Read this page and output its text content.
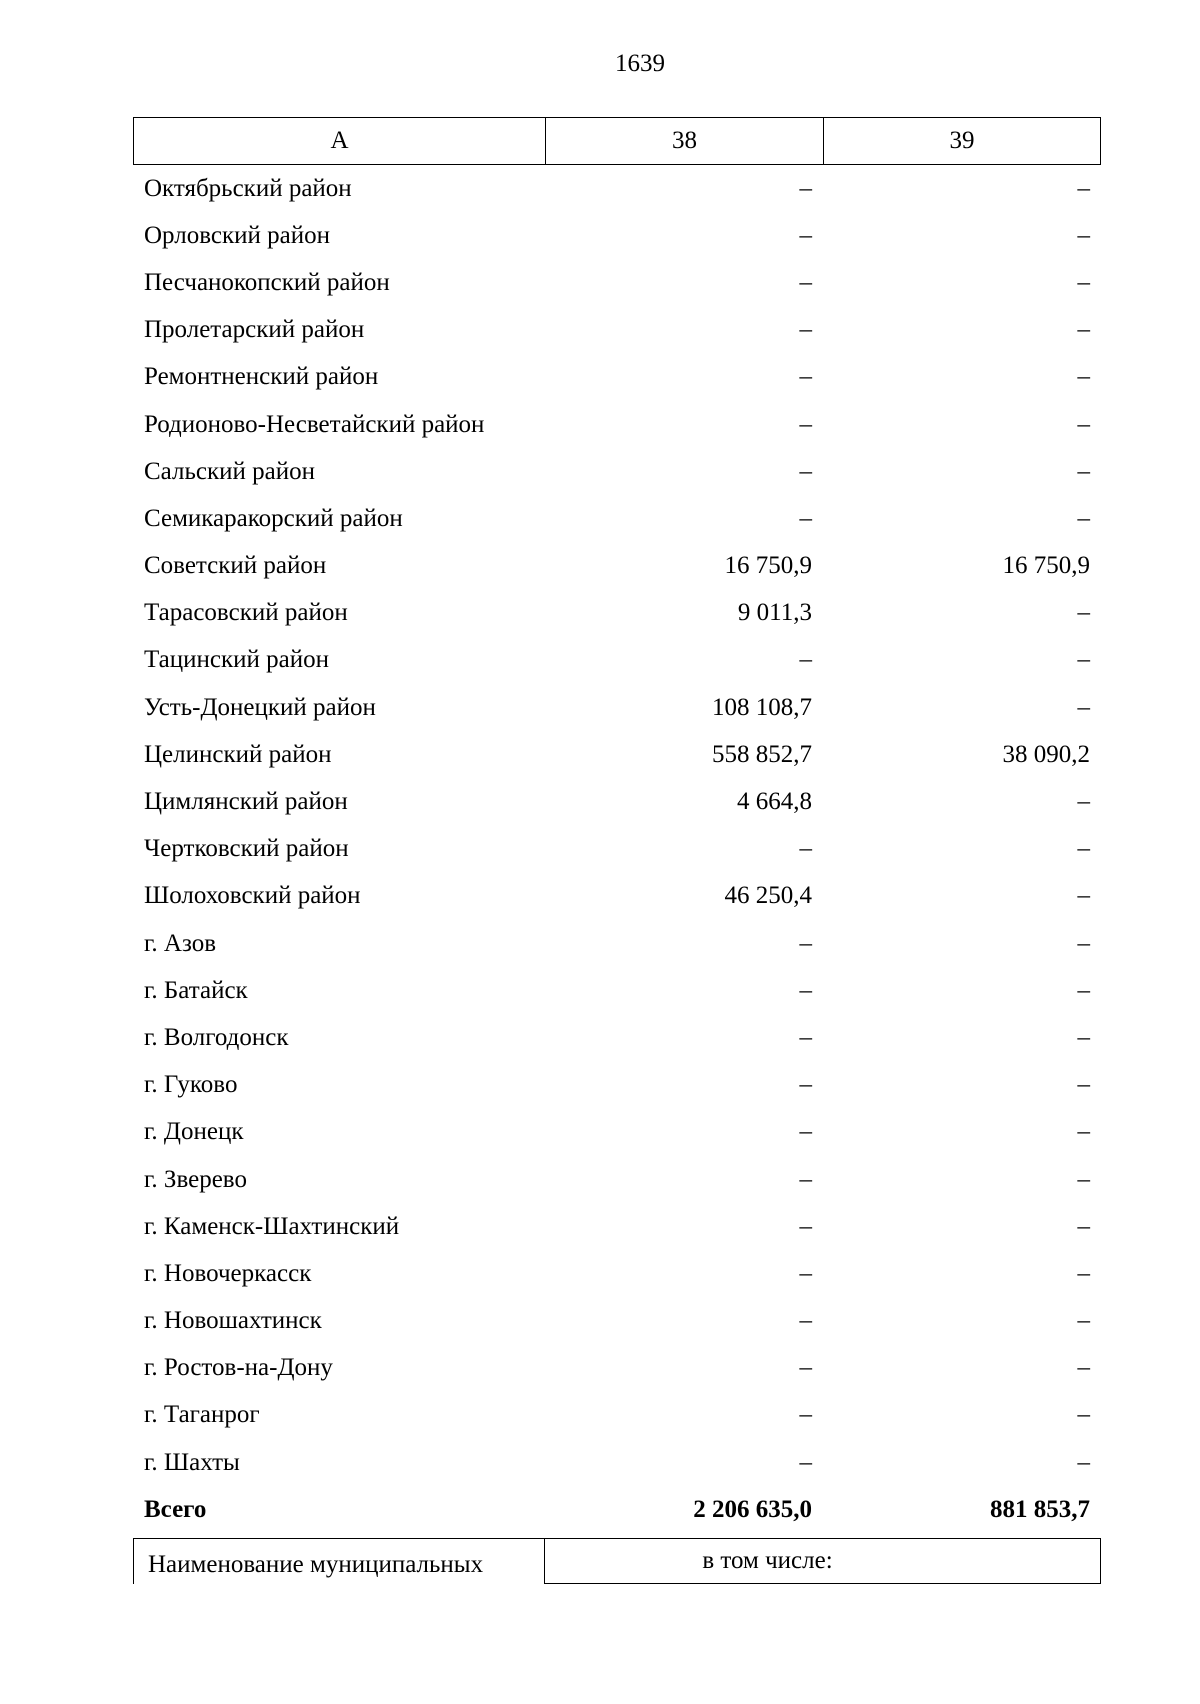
1639
А	38	39
Октябрьский район	–	–
Орловский район	–	–
Песчанокопский район	–	–
Пролетарский район	–	–
Ремонтненский район	–	–
Родионово-Несветайский район	–	–
Сальский район	–	–
Семикаракорский район	–	–
Советский район	16 750,9	16 750,9
Тарасовский район	9 011,3	–
Тацинский район	–	–
Усть-Донецкий район	108 108,7	–
Целинский район	558 852,7	38 090,2
Цимлянский район	4 664,8	–
Чертковский район	–	–
Шолоховский район	46 250,4	–
г. Азов	–	–
г. Батайск	–	–
г. Волгодонск	–	–
г. Гуково	–	–
г. Донецк	–	–
г. Зверево	–	–
г. Каменск-Шахтинский	–	–
г. Новочеркасск	–	–
г. Новошахтинск	–	–
г. Ростов-на-Дону	–	–
г. Таганрог	–	–
г. Шахты	–	–
Всего	2 206 635,0	881 853,7
Наименование муниципальных	в том числе:
